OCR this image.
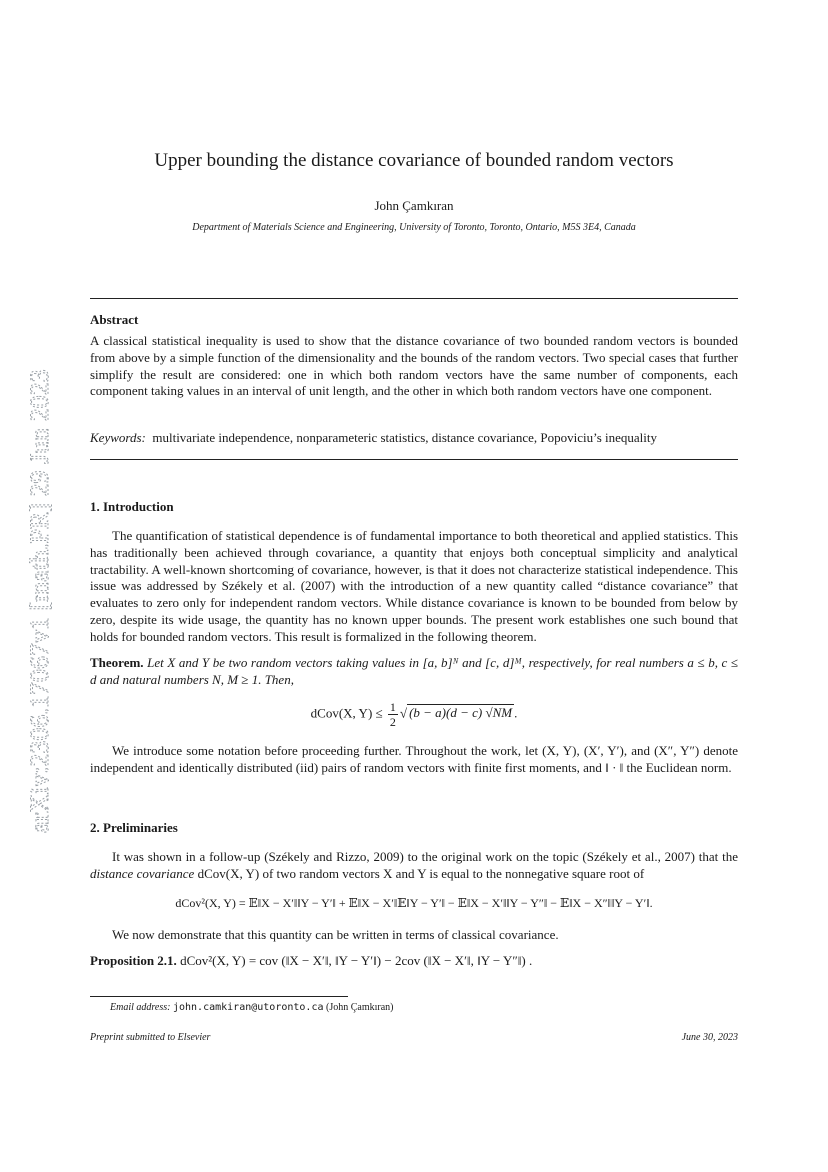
arXiv:2306.17067v1 [math.PR] 29 Jun 2023
Upper bounding the distance covariance of bounded random vectors
John Çamkıran
Department of Materials Science and Engineering, University of Toronto, Toronto, Ontario, M5S 3E4, Canada
Abstract
A classical statistical inequality is used to show that the distance covariance of two bounded random vectors is bounded from above by a simple function of the dimensionality and the bounds of the random vectors. Two special cases that further simplify the result are considered: one in which both random vectors have the same number of components, each component taking values in an interval of unit length, and the other in which both random vectors have one component.
Keywords: multivariate independence, nonparameteric statistics, distance covariance, Popoviciu’s inequality
1. Introduction
The quantification of statistical dependence is of fundamental importance to both theoretical and applied statistics. This has traditionally been achieved through covariance, a quantity that enjoys both conceptual simplicity and analytical tractability. A well-known shortcoming of covariance, however, is that it does not characterize statistical independence. This issue was addressed by Székely et al. (2007) with the introduction of a new quantity called “distance covariance” that evaluates to zero only for independent random vectors. While distance covariance is known to be bounded from below by zero, despite its wide usage, the quantity has no known upper bounds. The present work establishes one such bound that holds for bounded random vectors. This result is formalized in the following theorem.
Theorem. Let X and Y be two random vectors taking values in [a, b]ᴺ and [c, d]ᴹ, respectively, for real numbers a ≤ b, c ≤ d and natural numbers N, M ≥ 1. Then,
dCov(X, $Y) \le \frac{1}{2}$ √ (b − a)(d − c) √NM .
We introduce some notation before proceeding further. Throughout the work, let (X, Y), (X′, Y′), and (X″, Y″) denote independent and identically distributed (iid) pairs of random vectors with finite first moments, and ‖ · ‖ the Euclidean norm.
2. Preliminaries
It was shown in a follow-up (Székely and Rizzo, 2009) to the original work on the topic (Székely et al., 2007) that the distance covariance dCov(X, Y) of two random vectors X and Y is equal to the nonnegative square root of
dCov²(X, Y) = 𝔼‖X − X′‖‖Y − Y′‖ + 𝔼‖X − X′‖𝔼‖Y − Y′‖ − 𝔼‖X − X′‖‖Y − Y″‖ − 𝔼‖X − X″‖‖Y − Y′‖.
We now demonstrate that this quantity can be written in terms of classical covariance.
Proposition 2.1. dCov²(X, Y) = cov (‖X − X′‖, ‖Y − Y′‖) − 2cov (‖X − X′‖, ‖Y − Y″‖) .
Email address: john.camkiran@utoronto.ca (John Çamkıran)
Preprint submitted to Elsevier	June 30, 2023
